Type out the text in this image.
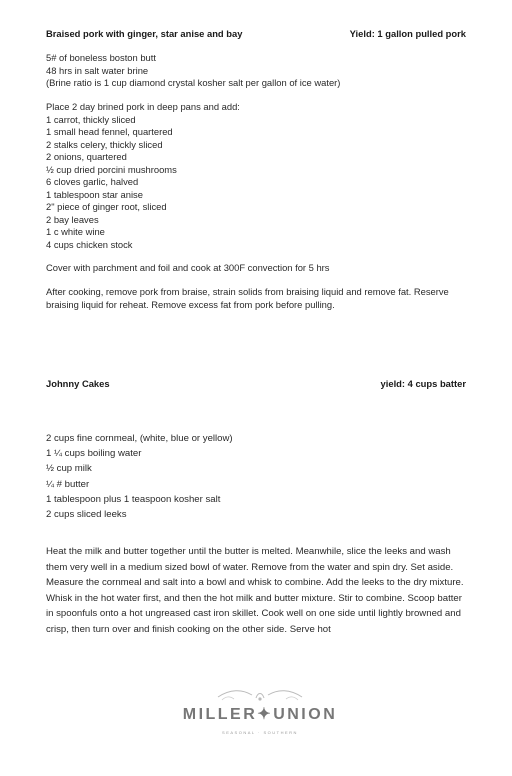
Braised pork with ginger, star anise and bay	Yield: 1 gallon pulled pork
5# of boneless boston butt
48 hrs in salt water brine
(Brine ratio is 1 cup diamond crystal kosher salt per gallon of ice water)
Place 2 day brined pork in deep pans and add:
1 carrot, thickly sliced
1 small head fennel, quartered
2 stalks celery, thickly sliced
2 onions, quartered
½ cup dried porcini mushrooms
6 cloves garlic, halved
1 tablespoon star anise
2" piece of ginger root, sliced
2 bay leaves
1 c white wine
4 cups chicken stock
Cover with parchment and foil and cook at 300F convection for 5 hrs
After cooking, remove pork from braise, strain solids from braising liquid and remove fat. Reserve braising liquid for reheat. Remove excess fat from pork before pulling.
Johnny Cakes	yield: 4 cups batter
2 cups fine cornmeal, (white, blue or yellow)
1 ¼ cups boiling water
½ cup milk
¼ # butter
1 tablespoon plus 1 teaspoon kosher salt
2 cups sliced leeks
Heat the milk and butter together until the butter is melted. Meanwhile, slice the leeks and wash them very well in a medium sized bowl of water. Remove from the water and spin dry. Set aside. Measure the cornmeal and salt into a bowl and whisk to combine. Add the leeks to the dry mixture. Whisk in the hot water first, and then the hot milk and butter mixture. Stir to combine. Scoop batter in spoonfuls onto a hot ungreased cast iron skillet. Cook well on one side until lightly browned and crisp, then turn over and finish cooking on the other side. Serve hot
MILLER✦UNION
SEASONAL · SOUTHERN
